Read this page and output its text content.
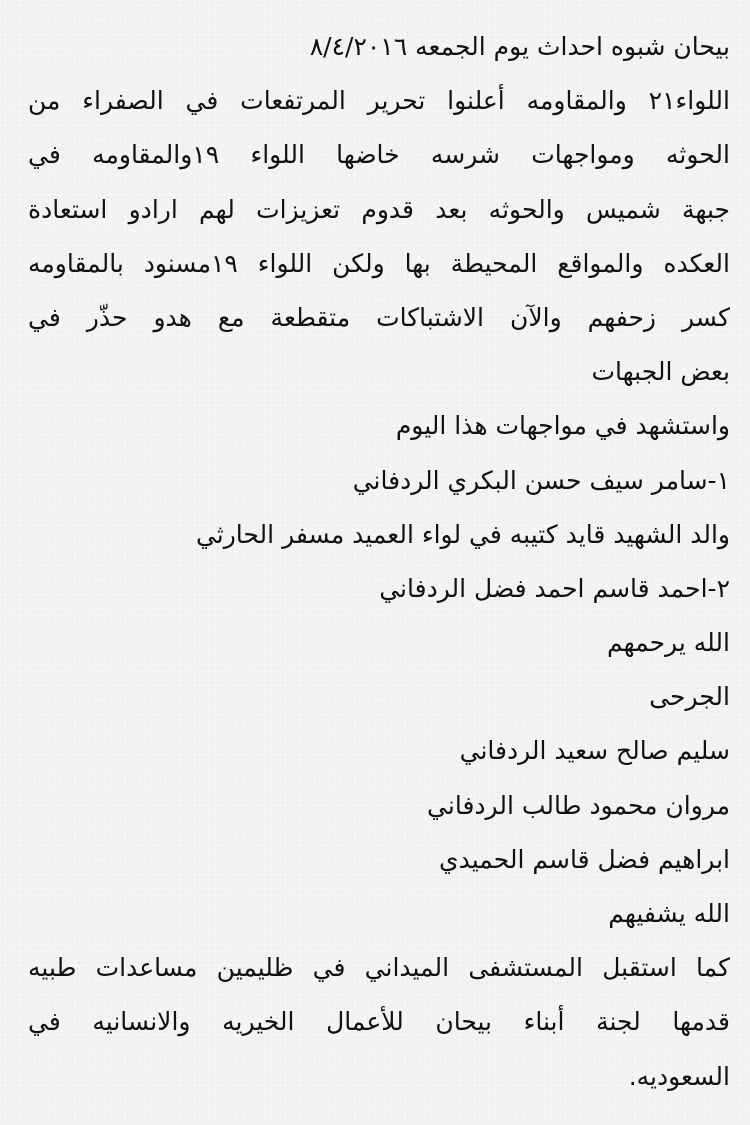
بيحان شبوه احداث يوم الجمعه ٨/٤/٢٠١٦
اللواء٢١ والمقاومه أعلنوا تحرير المرتفعات في الصفراء من
الحوثه ومواجهات شرسه خاضها اللواء ١٩والمقاومه في
جبهة شميس والحوثه بعد قدوم تعزيزات لهم ارادو استعادة
العكده والمواقع المحيطة بها ولكن اللواء ١٩مسنود بالمقاومه
كسر زحفهم والآن الاشتباكات متقطعة مع هدو حذّر في
بعض الجبهات
واستشهد في مواجهات هذا اليوم
١-سامر سيف حسن البكري الردفاني
والد الشهيد قايد كتيبه في لواء العميد مسفر الحارثي
٢-احمد قاسم احمد فضل الردفاني
الله يرحمهم
الجرحى
سليم صالح سعيد الردفاني
مروان محمود طالب الردفاني
ابراهيم فضل قاسم الحميدي
الله يشفيهم
كما استقبل المستشفى الميداني في ظليمين مساعدات طبيه
قدمها لجنة أبناء بيحان للأعمال الخيريه والانسانيه في
السعوديه.
